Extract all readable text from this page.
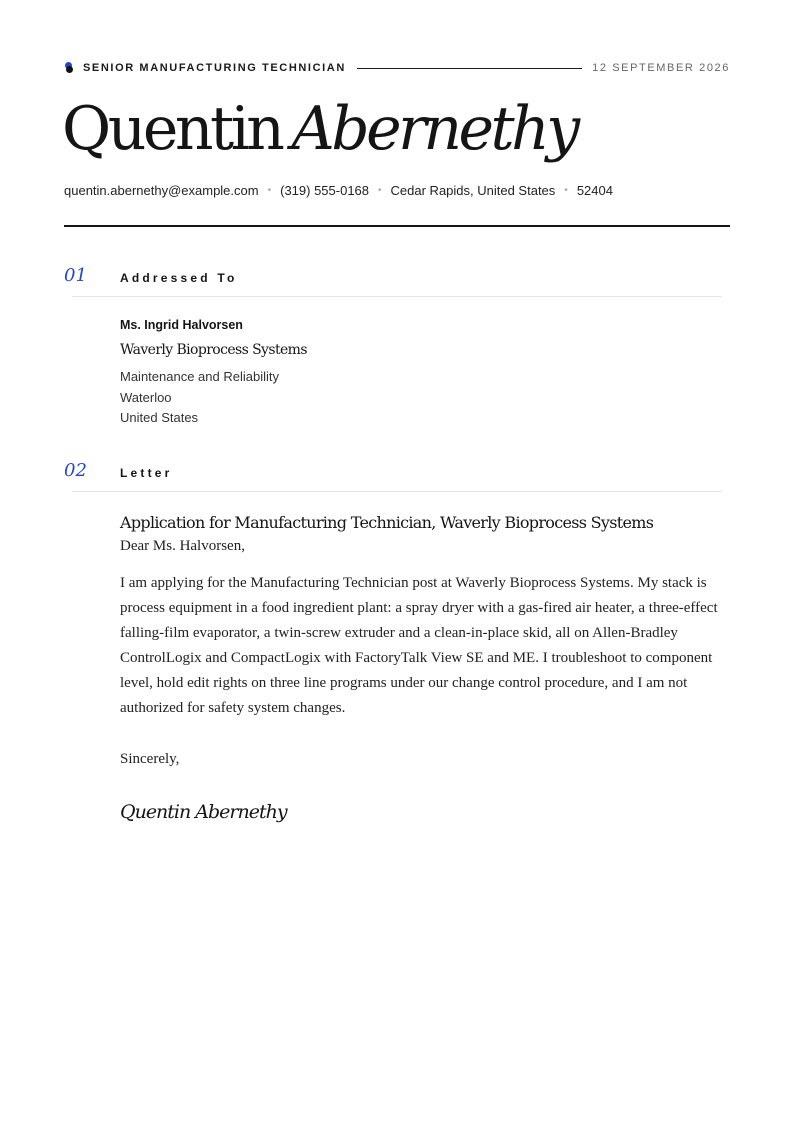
SENIOR MANUFACTURING TECHNICIAN	12 SEPTEMBER 2026
Quentin Abernethy
quentin.abernethy@example.com • (319) 555-0168 • Cedar Rapids, United States • 52404
01	Addressed To
Ms. Ingrid Halvorsen
Waverly Bioprocess Systems
Maintenance and Reliability
Waterloo
United States
02	Letter
Application for Manufacturing Technician, Waverly Bioprocess Systems
Dear Ms. Halvorsen,
I am applying for the Manufacturing Technician post at Waverly Bioprocess Systems. My stack is process equipment in a food ingredient plant: a spray dryer with a gas-fired air heater, a three-effect falling-film evaporator, a twin-screw extruder and a clean-in-place skid, all on Allen-Bradley ControlLogix and CompactLogix with FactoryTalk View SE and ME. I troubleshoot to component level, hold edit rights on three line programs under our change control procedure, and I am not authorized for safety system changes.
Sincerely,
Quentin Abernethy
